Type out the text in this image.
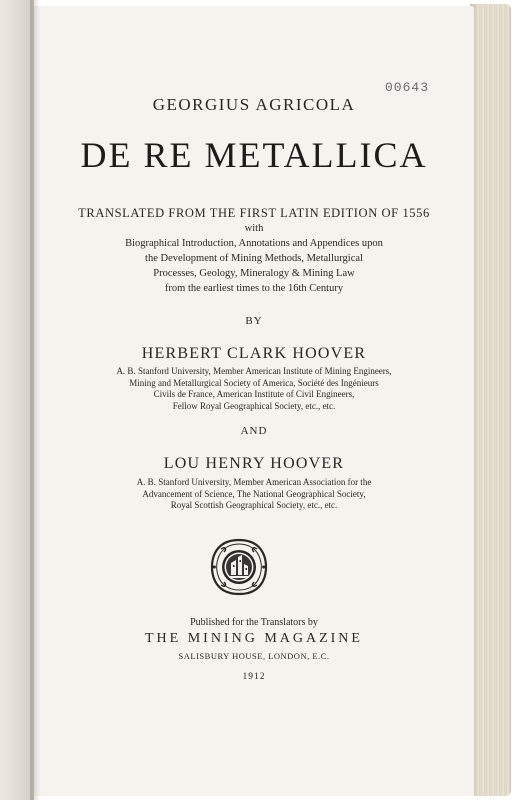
00643
GEORGIUS AGRICOLA
DE RE METALLICA
TRANSLATED FROM THE FIRST LATIN EDITION OF 1556
with
Biographical Introduction, Annotations and Appendices upon
the Development of Mining Methods, Metallurgical
Processes, Geology, Mineralogy & Mining Law
from the earliest times to the 16th Century
BY
HERBERT CLARK HOOVER
A. B. Stanford University, Member American Institute of Mining Engineers,
Mining and Metallurgical Society of America, Société des Ingénieurs
Civils de France, American Institute of Civil Engineers,
Fellow Royal Geographical Society, etc., etc.
AND
LOU HENRY HOOVER
A. B. Stanford University, Member American Association for the
Advancement of Science, The National Geographical Society,
Royal Scottish Geographical Society, etc., etc.
Published for the Translators by
THE MINING MAGAZINE
SALISBURY HOUSE, LONDON, E.C.
1912
